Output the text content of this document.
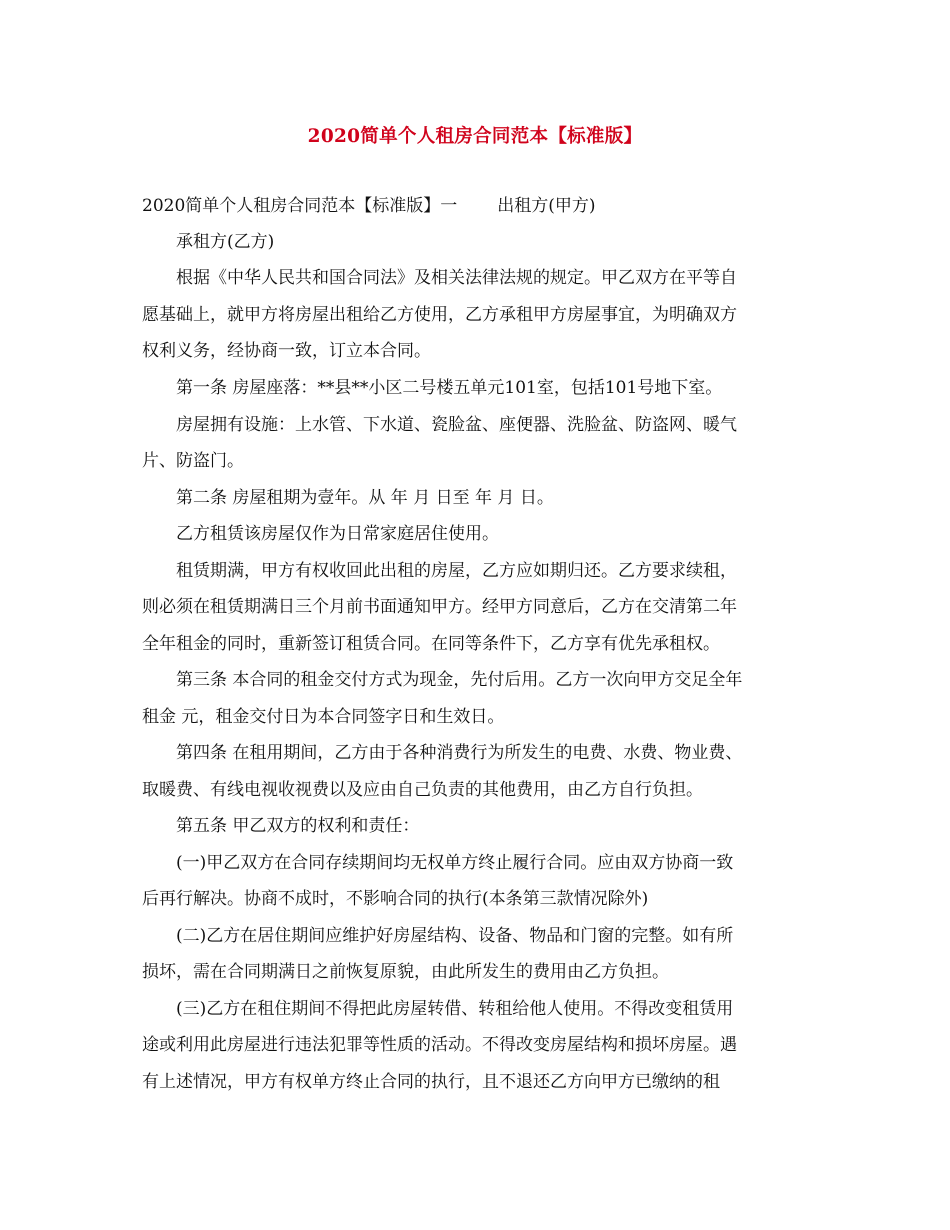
2020简单个人租房合同范本【标准版】
2020简单个人租房合同范本【标准版】一 出租方(甲方)
承租方(乙方)
根据《中华人民共和国合同法》及相关法律法规的规定。甲乙双方在平等自
愿基础上，就甲方将房屋出租给乙方使用，乙方承租甲方房屋事宜，为明确双方
权利义务，经协商一致，订立本合同。
第一条 房屋座落：**县**小区二号楼五单元101室，包括101号地下室。
房屋拥有设施：上水管、下水道、瓷脸盆、座便器、洗脸盆、防盗网、暖气
片、防盗门。
第二条 房屋租期为壹年。从 年 月 日至 年 月 日。
乙方租赁该房屋仅作为日常家庭居住使用。
租赁期满，甲方有权收回此出租的房屋，乙方应如期归还。乙方要求续租，
则必须在租赁期满日三个月前书面通知甲方。经甲方同意后，乙方在交清第二年
全年租金的同时，重新签订租赁合同。在同等条件下，乙方享有优先承租权。
第三条 本合同的租金交付方式为现金，先付后用。乙方一次向甲方交足全年
租金 元，租金交付日为本合同签字日和生效日。
第四条 在租用期间，乙方由于各种消费行为所发生的电费、水费、物业费、
取暖费、有线电视收视费以及应由自己负责的其他费用，由乙方自行负担。
第五条 甲乙双方的权利和责任：
(一)甲乙双方在合同存续期间均无权单方终止履行合同。应由双方协商一致
后再行解决。协商不成时，不影响合同的执行(本条第三款情况除外)
(二)乙方在居住期间应维护好房屋结构、设备、物品和门窗的完整。如有所
损坏，需在合同期满日之前恢复原貌，由此所发生的费用由乙方负担。
(三)乙方在租住期间不得把此房屋转借、转租给他人使用。不得改变租赁用
途或利用此房屋进行违法犯罪等性质的活动。不得改变房屋结构和损坏房屋。遇
有上述情况，甲方有权单方终止合同的执行，且不退还乙方向甲方已缴纳的租
